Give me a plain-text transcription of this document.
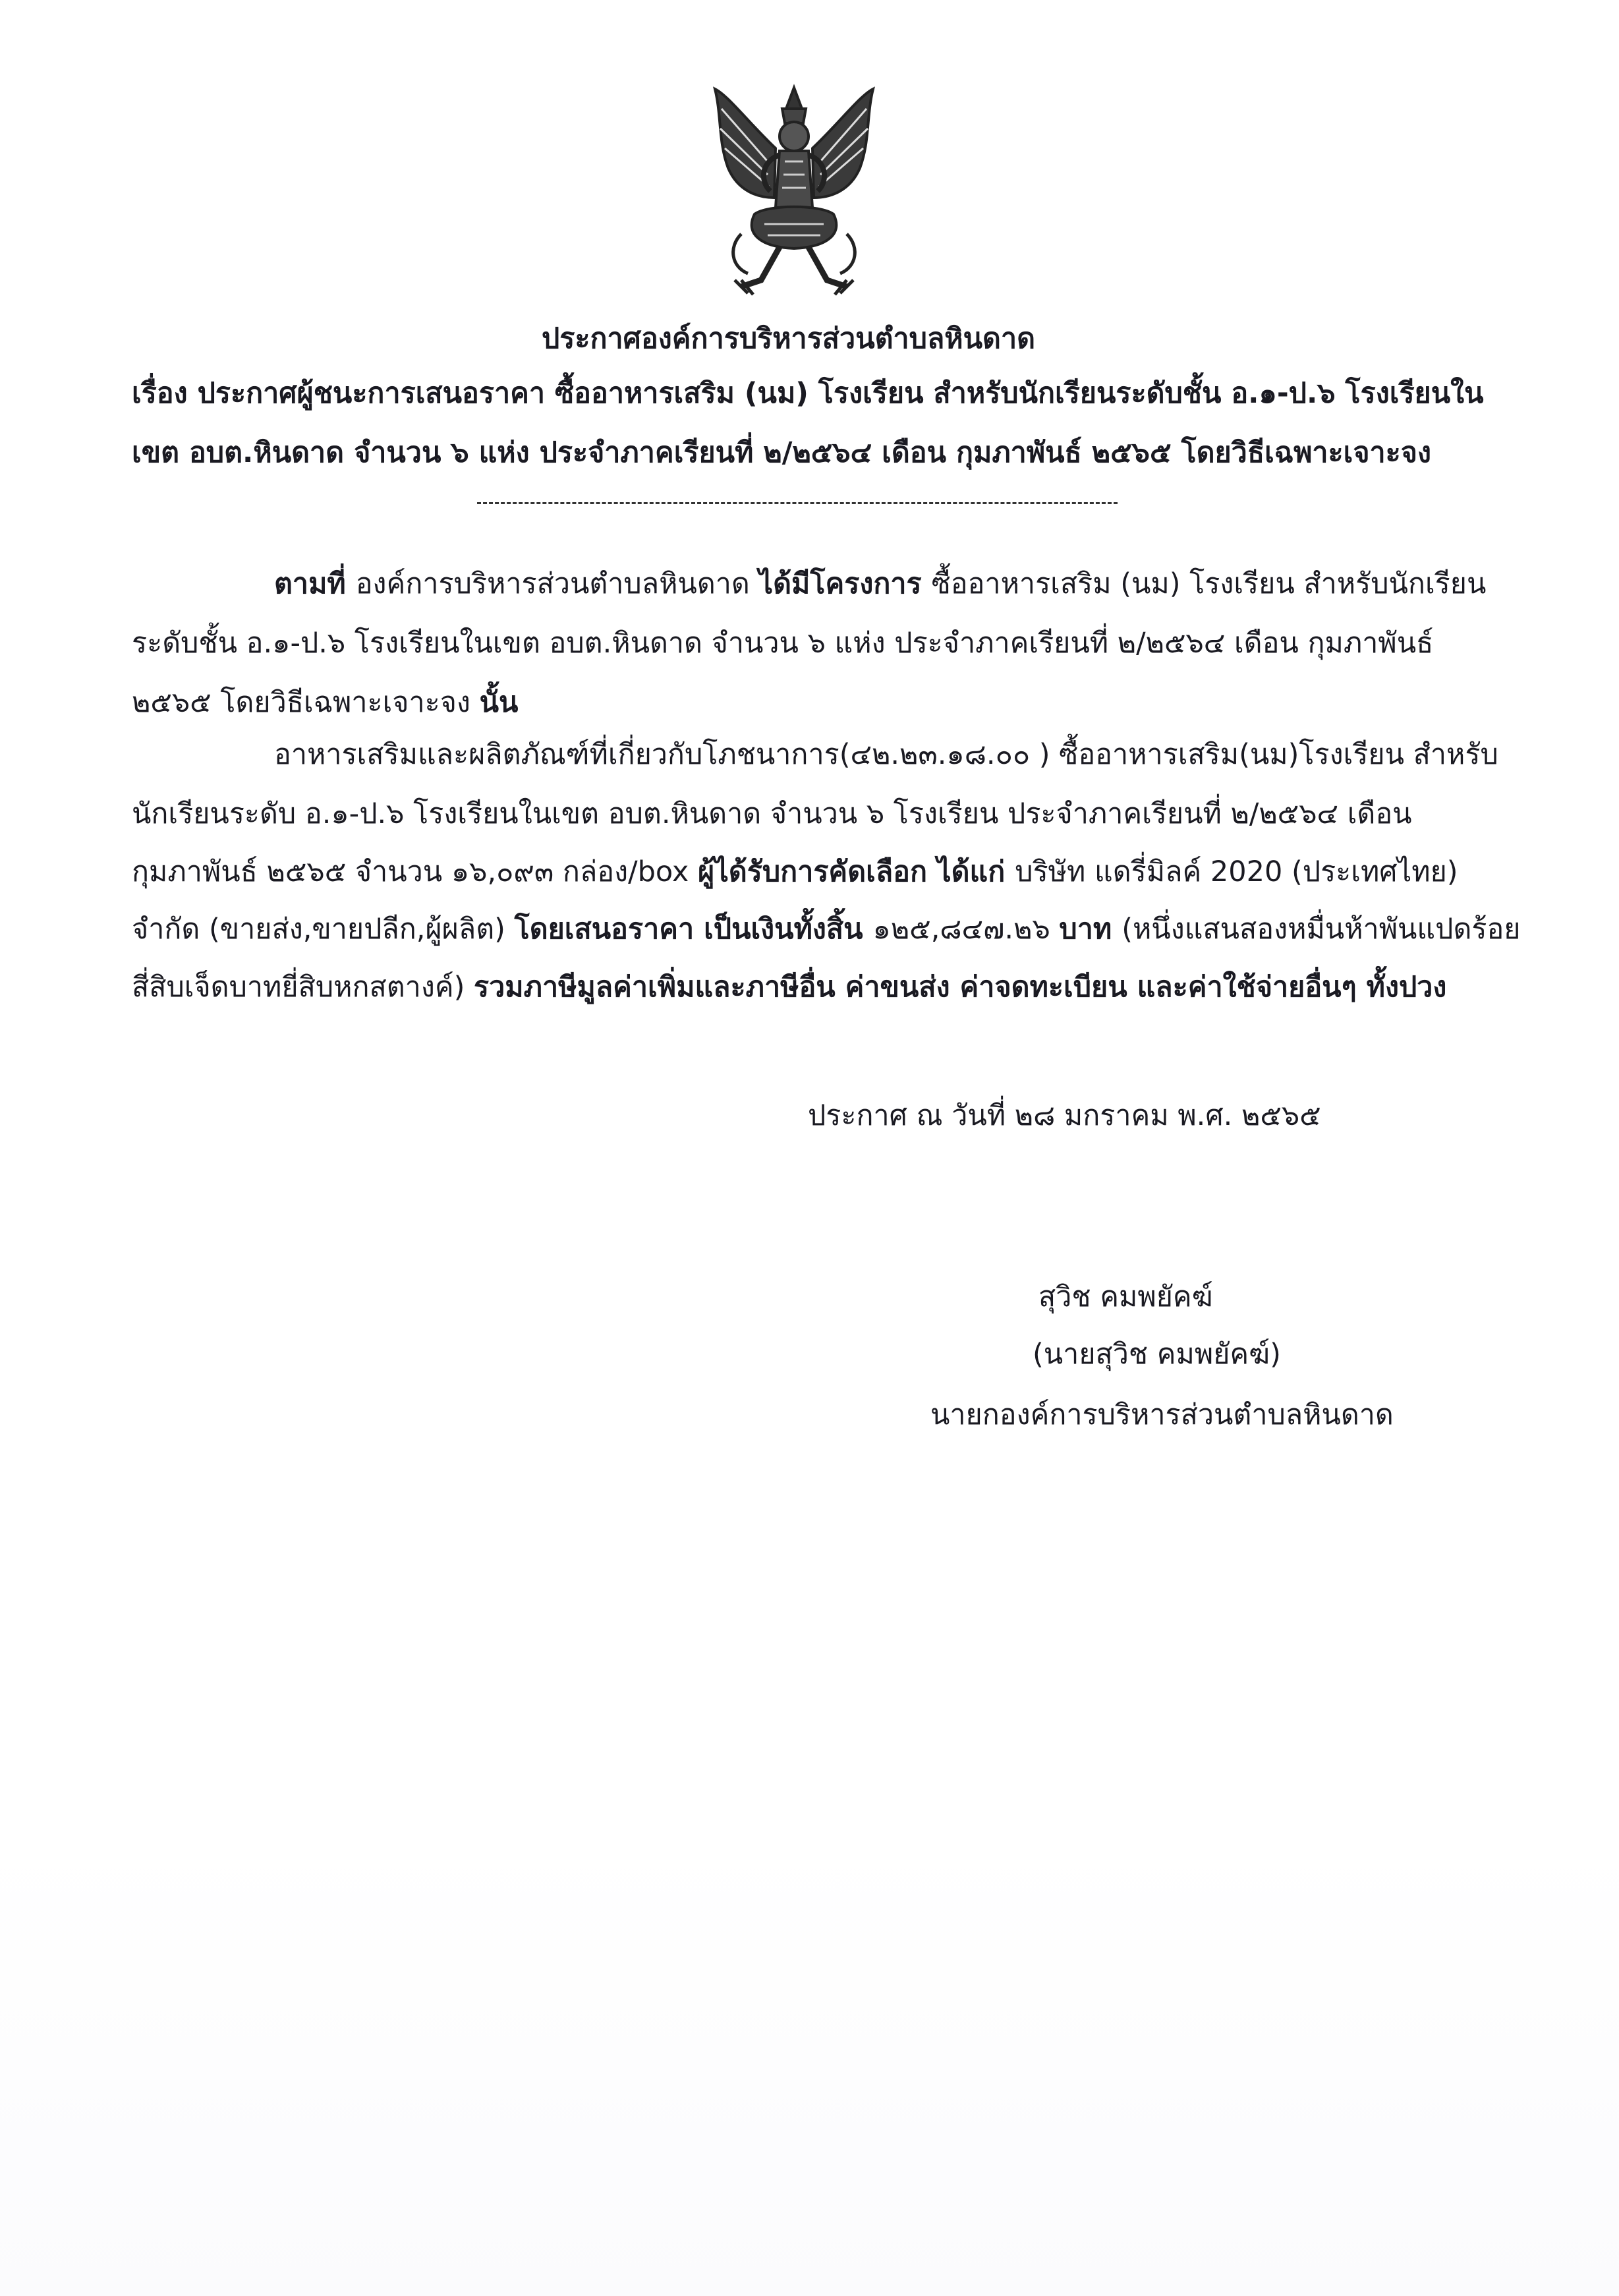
ประกาศองค์การบริหารส่วนตำบลหินดาด
เรื่อง ประกาศผู้ชนะการเสนอราคา ซื้ออาหารเสริม (นม) โรงเรียน สำหรับนักเรียนระดับชั้น อ.๑-ป.๖ โรงเรียนใน
เขต อบต.หินดาด จำนวน ๖ แห่ง ประจำภาคเรียนที่ ๒/๒๕๖๔ เดือน กุมภาพันธ์ ๒๕๖๕ โดยวิธีเฉพาะเจาะจง
ตามที่ องค์การบริหารส่วนตำบลหินดาด ได้มีโครงการ ซื้ออาหารเสริม (นม) โรงเรียน สำหรับนักเรียน
ระดับชั้น อ.๑-ป.๖ โรงเรียนในเขต อบต.หินดาด จำนวน ๖ แห่ง ประจำภาคเรียนที่ ๒/๒๕๖๔ เดือน กุมภาพันธ์
๒๕๖๕ โดยวิธีเฉพาะเจาะจง นั้น
อาหารเสริมและผลิตภัณฑ์ที่เกี่ยวกับโภชนาการ(๔๒.๒๓.๑๘.๐๐ ) ซื้ออาหารเสริม(นม)โรงเรียน สำหรับ
นักเรียนระดับ อ.๑-ป.๖ โรงเรียนในเขต อบต.หินดาด จำนวน ๖ โรงเรียน ประจำภาคเรียนที่ ๒/๒๕๖๔ เดือน
กุมภาพันธ์ ๒๕๖๕ จำนวน ๑๖,๐๙๓ กล่อง/box ผู้ได้รับการคัดเลือก ได้แก่ บริษัท แดรี่มิลค์ 2020 (ประเทศไทย)
จำกัด (ขายส่ง,ขายปลีก,ผู้ผลิต) โดยเสนอราคา เป็นเงินทั้งสิ้น ๑๒๕,๘๔๗.๒๖ บาท (หนึ่งแสนสองหมื่นห้าพันแปดร้อย
สี่สิบเจ็ดบาทยี่สิบหกสตางค์) รวมภาษีมูลค่าเพิ่มและภาษีอื่น ค่าขนส่ง ค่าจดทะเบียน และค่าใช้จ่ายอื่นๆ ทั้งปวง
ประกาศ ณ วันที่ ๒๘ มกราคม พ.ศ. ๒๕๖๕
สุวิช คมพยัคฆ์
(นายสุวิช คมพยัคฆ์)
นายกองค์การบริหารส่วนตำบลหินดาด
